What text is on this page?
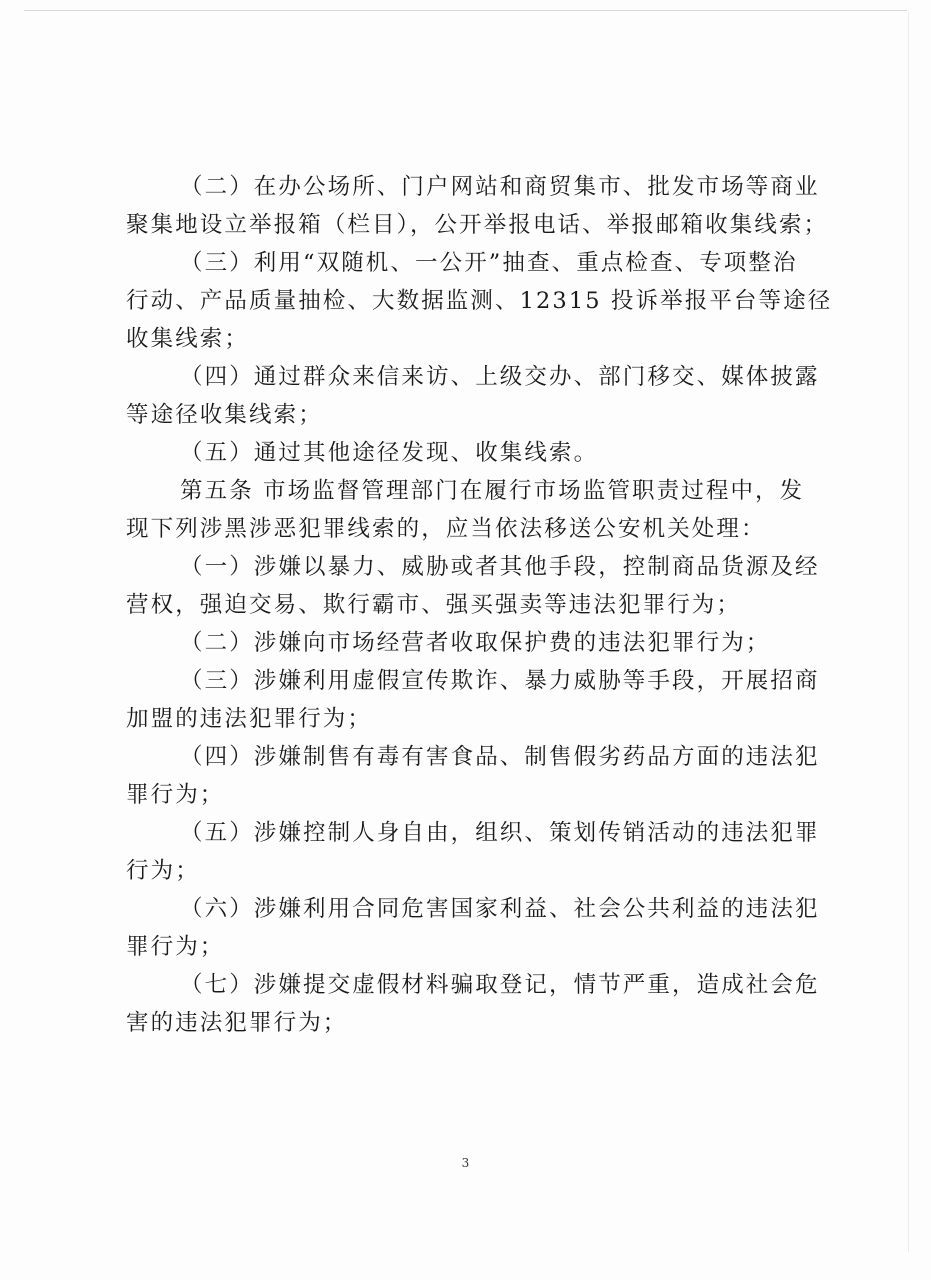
（二）在办公场所、门户网站和商贸集市、批发市场等商业
聚集地设立举报箱（栏目），公开举报电话、举报邮箱收集线索；
（三）利用“双随机、一公开”抽查、重点检查、专项整治
行动、产品质量抽检、大数据监测、12315 投诉举报平台等途径
收集线索；
（四）通过群众来信来访、上级交办、部门移交、媒体披露
等途径收集线索；
（五）通过其他途径发现、收集线索。
第五条 市场监督管理部门在履行市场监管职责过程中，发
现下列涉黑涉恶犯罪线索的，应当依法移送公安机关处理：
（一）涉嫌以暴力、威胁或者其他手段，控制商品货源及经
营权，强迫交易、欺行霸市、强买强卖等违法犯罪行为；
（二）涉嫌向市场经营者收取保护费的违法犯罪行为；
（三）涉嫌利用虚假宣传欺诈、暴力威胁等手段，开展招商
加盟的违法犯罪行为；
（四）涉嫌制售有毒有害食品、制售假劣药品方面的违法犯
罪行为；
（五）涉嫌控制人身自由，组织、策划传销活动的违法犯罪
行为；
（六）涉嫌利用合同危害国家利益、社会公共利益的违法犯
罪行为；
（七）涉嫌提交虚假材料骗取登记，情节严重，造成社会危
害的违法犯罪行为；
3
